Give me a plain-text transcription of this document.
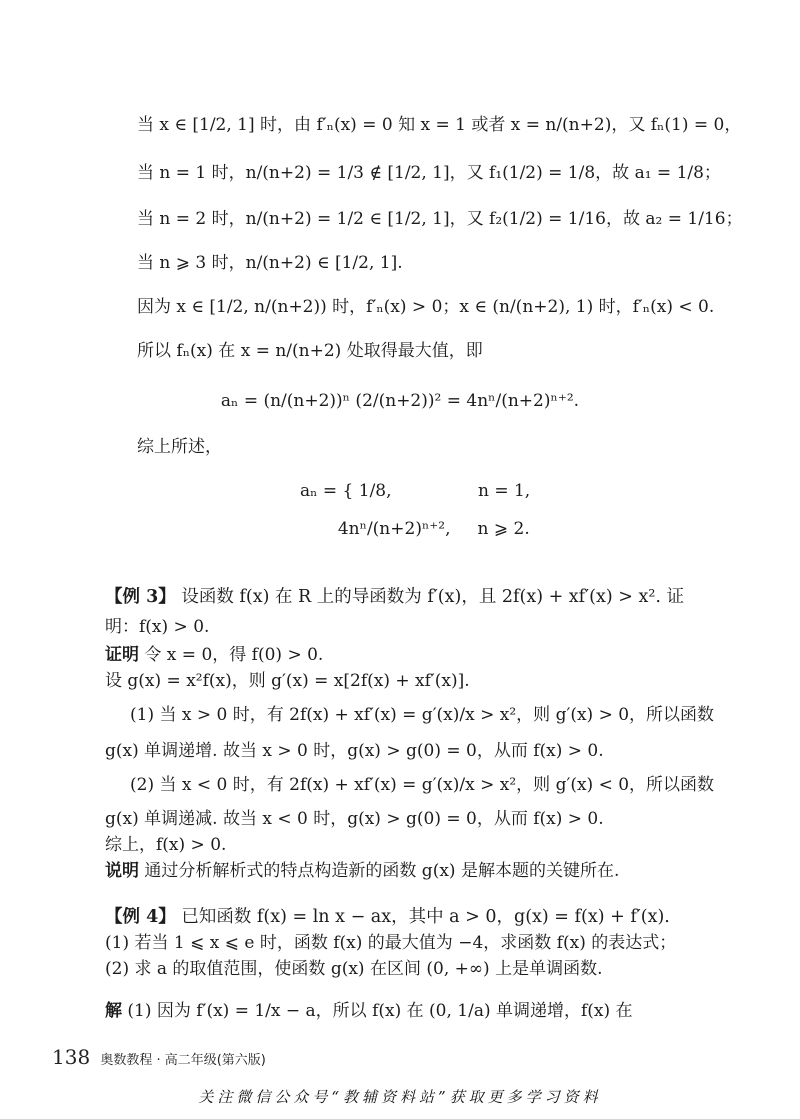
当 x ∈ [1/2, 1] 时，由 f′ₙ(x) = 0 知 x = 1 或者 x = n/(n+2)，又 fₙ(1) = 0，
当 n = 1 时，n/(n+2) = 1/3 ∉ [1/2, 1]，又 f₁(1/2) = 1/8，故 a₁ = 1/8；
当 n = 2 时，n/(n+2) = 1/2 ∈ [1/2, 1]，又 f₂(1/2) = 1/16，故 a₂ = 1/16；
当 n ⩾ 3 时，n/(n+2) ∈ [1/2, 1].
因为 x ∈ [1/2, n/(n+2)) 时，f′ₙ(x) > 0；x ∈ (n/(n+2), 1) 时，f′ₙ(x) < 0.
所以 fₙ(x) 在 x = n/(n+2) 处取得最大值，即
aₙ = (n/(n+2))ⁿ (2/(n+2))² = 4nⁿ/(n+2)ⁿ⁺².
综上所述，
aₙ = { 1/8,                n = 1,
4nⁿ/(n+2)ⁿ⁺²,     n ⩾ 2.
【例 3】 设函数 f(x) 在 R 上的导函数为 f′(x)，且 2f(x) + xf′(x) > x². 证
明：f(x) > 0.
证明 令 x = 0，得 f(0) > 0.
设 g(x) = x²f(x)，则 g′(x) = x[2f(x) + xf′(x)].
(1) 当 x > 0 时，有 2f(x) + xf′(x) = g′(x)/x > x²，则 g′(x) > 0，所以函数
g(x) 单调递增. 故当 x > 0 时，g(x) > g(0) = 0，从而 f(x) > 0.
(2) 当 x < 0 时，有 2f(x) + xf′(x) = g′(x)/x > x²，则 g′(x) < 0，所以函数
g(x) 单调递减. 故当 x < 0 时，g(x) > g(0) = 0，从而 f(x) > 0.
综上，f(x) > 0.
说明 通过分析解析式的特点构造新的函数 g(x) 是解本题的关键所在.
【例 4】 已知函数 f(x) = ln x − ax，其中 a > 0，g(x) = f(x) + f′(x).
(1) 若当 1 ⩽ x ⩽ e 时，函数 f(x) 的最大值为 −4，求函数 f(x) 的表达式；
(2) 求 a 的取值范围，使函数 g(x) 在区间 (0, +∞) 上是单调函数.
解 (1) 因为 f′(x) = 1/x − a，所以 f(x) 在 (0, 1/a) 单调递增，f(x) 在
138 奥数教程 · 高二年级(第六版)
关注微信公众号“教辅资料站”获取更多学习资料
